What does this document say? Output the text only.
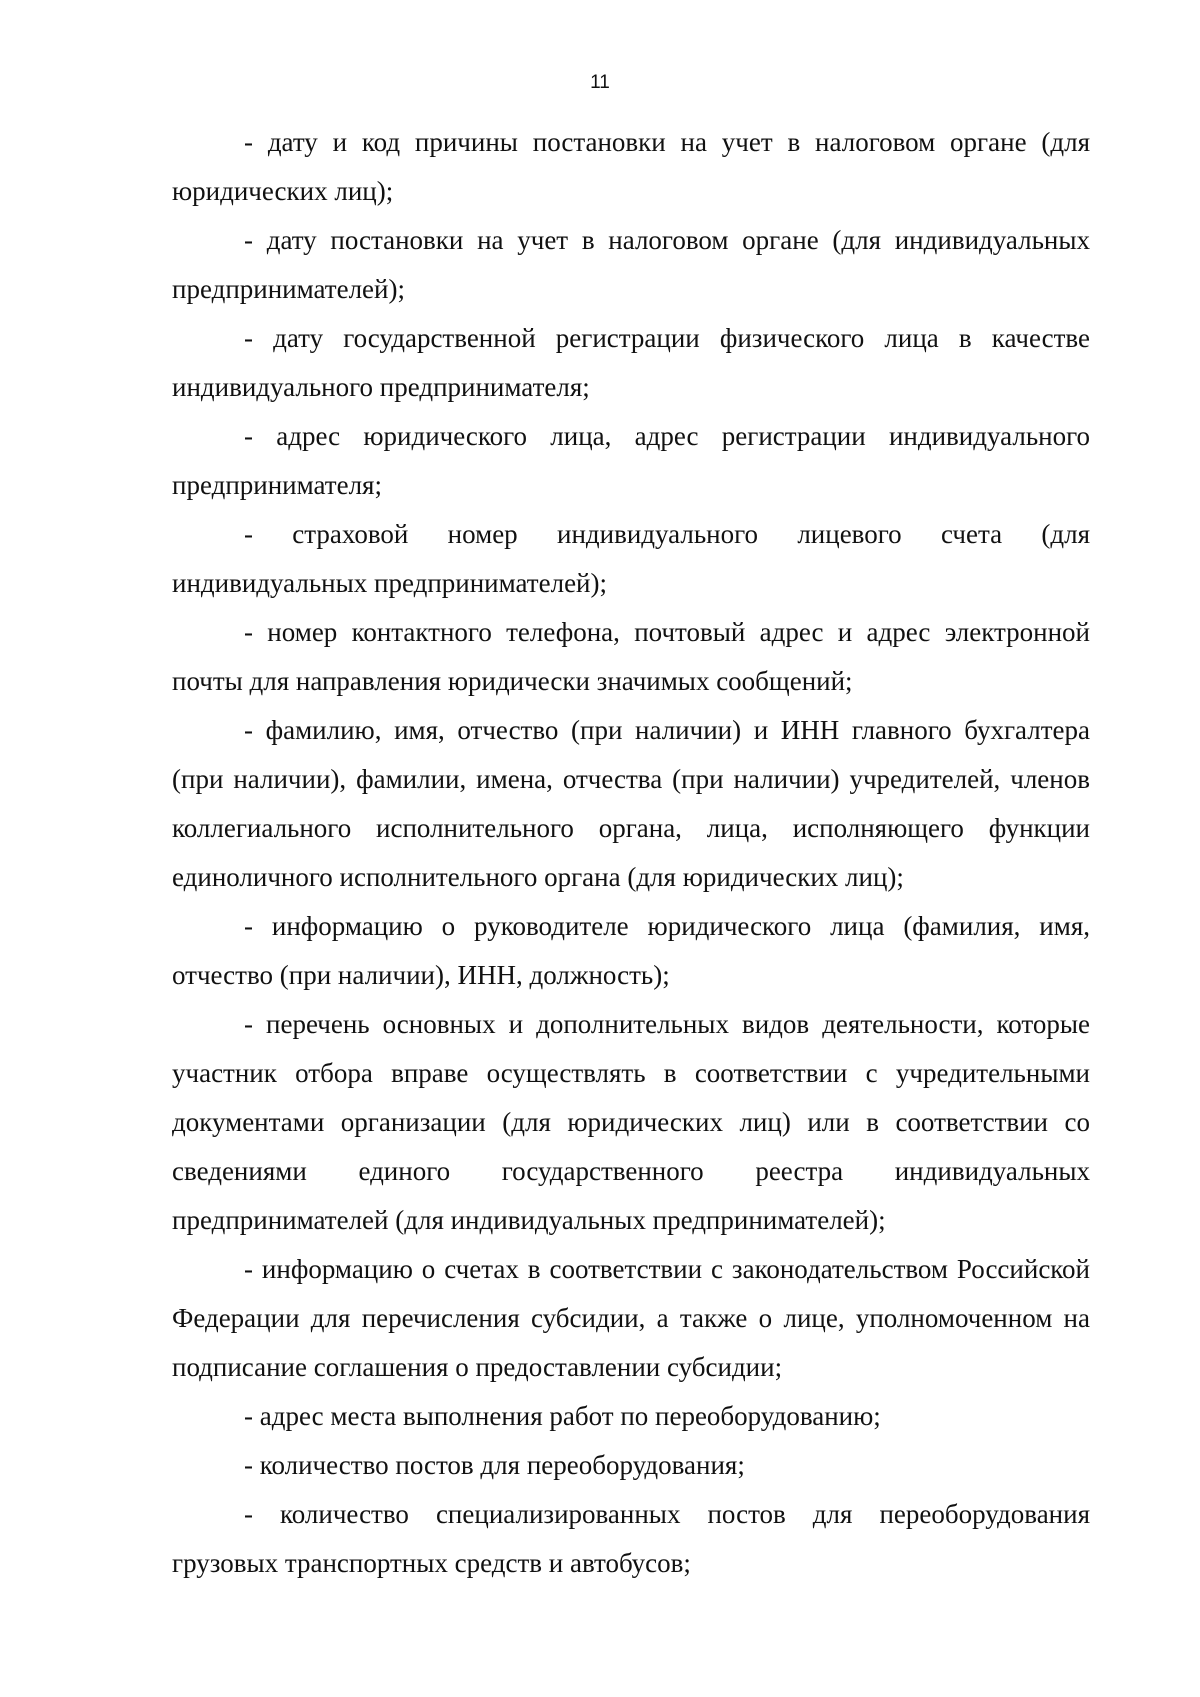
11

- дату и код причины постановки на учет в налоговом органе (для юридических лиц);

- дату постановки на учет в налоговом органе (для индивидуальных предпринимателей);

- дату государственной регистрации физического лица в качестве индивидуального предпринимателя;

- адрес юридического лица, адрес регистрации индивидуального предпринимателя;

- страховой номер индивидуального лицевого счета (для индивидуальных предпринимателей);

- номер контактного телефона, почтовый адрес и адрес электронной почты для направления юридически значимых сообщений;

- фамилию, имя, отчество (при наличии) и ИНН главного бухгалтера (при наличии), фамилии, имена, отчества (при наличии) учредителей, членов коллегиального исполнительного органа, лица, исполняющего функции единоличного исполнительного органа (для юридических лиц);

- информацию о руководителе юридического лица (фамилия, имя, отчество (при наличии), ИНН, должность);

- перечень основных и дополнительных видов деятельности, которые участник отбора вправе осуществлять в соответствии с учредительными документами организации (для юридических лиц) или в соответствии со сведениями единого государственного реестра индивидуальных предпринимателей (для индивидуальных предпринимателей);

- информацию о счетах в соответствии с законодательством Российской Федерации для перечисления субсидии, а также о лице, уполномоченном на подписание соглашения о предоставлении субсидии;

- адрес места выполнения работ по переоборудованию;

- количество постов для переоборудования;

- количество специализированных постов для переоборудования грузовых транспортных средств и автобусов;
